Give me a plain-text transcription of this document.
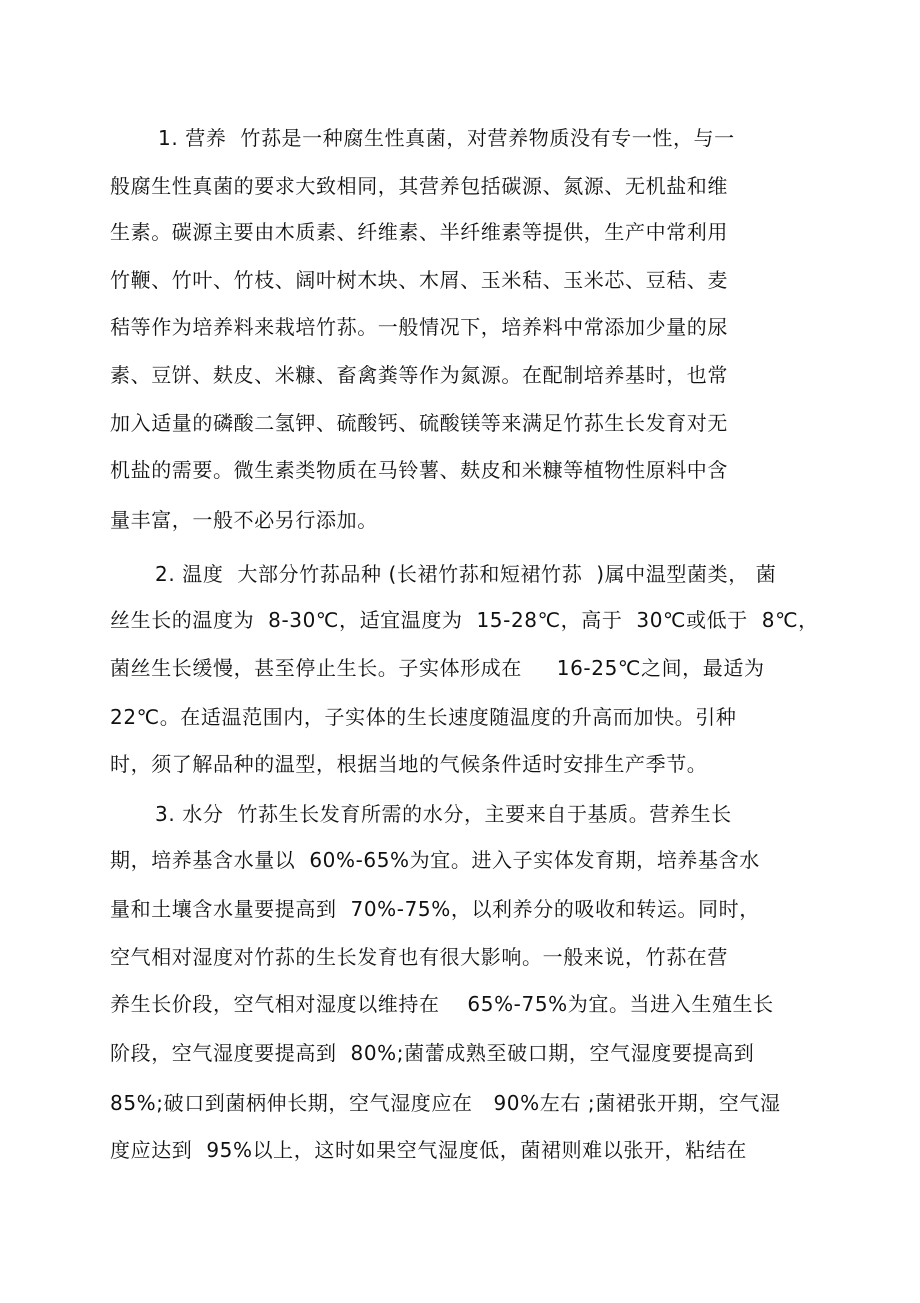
1. 营养  竹荪是一种腐生性真菌，对营养物质没有专一性，与一
般腐生性真菌的要求大致相同，其营养包括碳源、氮源、无机盐和维
生素。碳源主要由木质素、纤维素、半纤维素等提供，生产中常利用
竹鞭、竹叶、竹枝、阔叶树木块、木屑、玉米秸、玉米芯、豆秸、麦
秸等作为培养料来栽培竹荪。一般情况下，培养料中常添加少量的尿
素、豆饼、麸皮、米糠、畜禽粪等作为氮源。在配制培养基时，也常
加入适量的磷酸二氢钾、硫酸钙、硫酸镁等来满足竹荪生长发育对无
机盐的需要。微生素类物质在马铃薯、麸皮和米糠等植物性原料中含
量丰富，一般不必另行添加。
2. 温度  大部分竹荪品种 (长裙竹荪和短裙竹荪  )属中温型菌类， 菌
丝生长的温度为  8-30℃，适宜温度为  15-28℃，高于  30℃或低于  8℃，
菌丝生长缓慢，甚至停止生长。子实体形成在     16-25℃之间，最适为
22℃。在适温范围内，子实体的生长速度随温度的升高而加快。引种
时，须了解品种的温型，根据当地的气候条件适时安排生产季节。
3. 水分  竹荪生长发育所需的水分，主要来自于基质。营养生长
期，培养基含水量以  60%-65%为宜。进入子实体发育期，培养基含水
量和土壤含水量要提高到  70%-75%，以利养分的吸收和转运。同时，
空气相对湿度对竹荪的生长发育也有很大影响。一般来说，竹荪在营
养生长价段，空气相对湿度以维持在    65%-75%为宜。当进入生殖生长
阶段，空气湿度要提高到  80%;菌蕾成熟至破口期，空气湿度要提高到
85%;破口到菌柄伸长期，空气湿度应在   90%左右 ;菌裙张开期，空气湿
度应达到  95%以上，这时如果空气湿度低，菌裙则难以张开，粘结在
